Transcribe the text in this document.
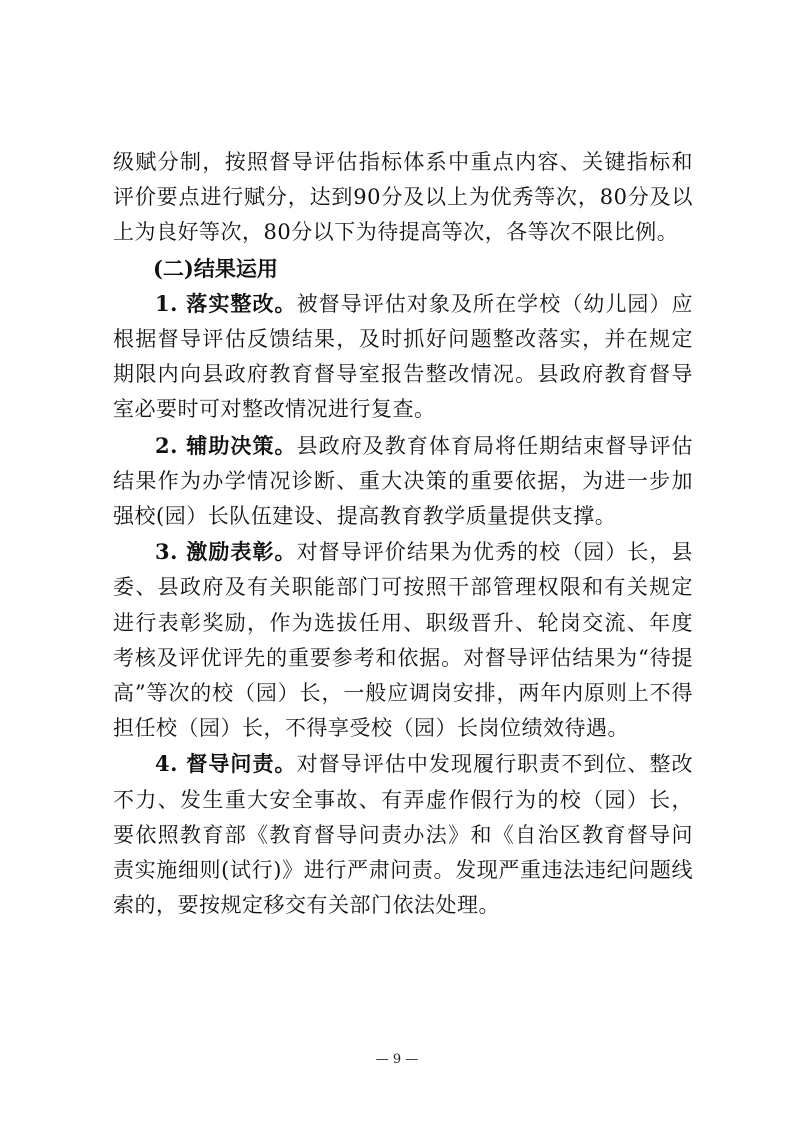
级赋分制，按照督导评估指标体系中重点内容、关键指标和评价要点进行赋分，达到90分及以上为优秀等次，80分及以上为良好等次，80分以下为待提高等次，各等次不限比例。

(二)结果运用

1. 落实整改。被督导评估对象及所在学校（幼儿园）应根据督导评估反馈结果，及时抓好问题整改落实，并在规定期限内向县政府教育督导室报告整改情况。县政府教育督导室必要时可对整改情况进行复查。

2. 辅助决策。县政府及教育体育局将任期结束督导评估结果作为办学情况诊断、重大决策的重要依据，为进一步加强校(园）长队伍建设、提高教育教学质量提供支撑。

3. 激励表彰。对督导评价结果为优秀的校（园）长，县委、县政府及有关职能部门可按照干部管理权限和有关规定进行表彰奖励，作为选拔任用、职级晋升、轮岗交流、年度考核及评优评先的重要参考和依据。对督导评估结果为“待提高”等次的校（园）长，一般应调岗安排，两年内原则上不得担任校（园）长，不得享受校（园）长岗位绩效待遇。

4. 督导问责。对督导评估中发现履行职责不到位、整改不力、发生重大安全事故、有弄虚作假行为的校（园）长，要依照教育部《教育督导问责办法》和《自治区教育督导问责实施细则(试行)》进行严肃问责。发现严重违法违纪问题线索的，要按规定移交有关部门依法处理。

— 9 —
